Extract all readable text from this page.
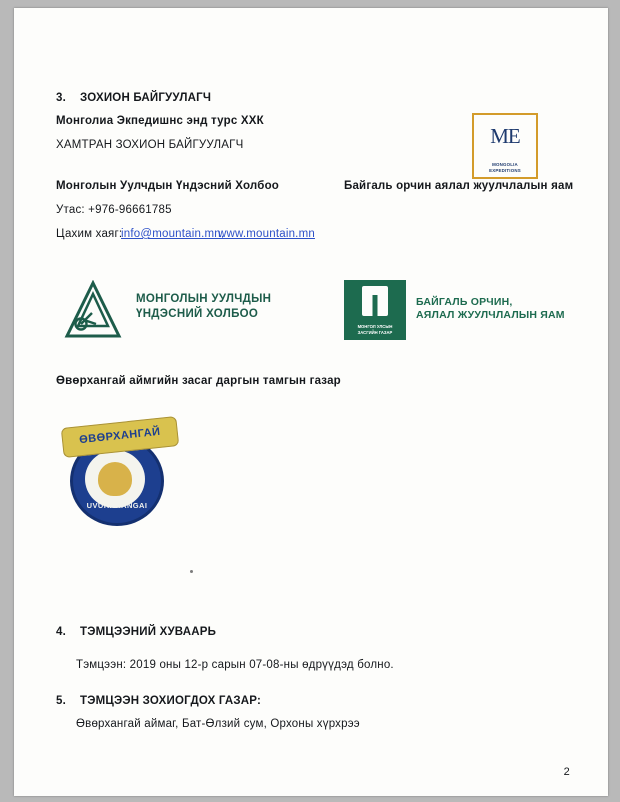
3. ЗОХИОН БАЙГУУЛАГЧ
Монголиа Экпедишнс энд турс ХХК
ХАМТРАН ЗОХИОН БАЙГУУЛАГЧ
Монголын Уулчдын Үндэсний Холбоо
Утас: +976-96661785
Цахим хаяг:
info@mountain.mn,
www.mountain.mn
Байгаль орчин аялал жуулчлалын яам
ME
MONGOLIA
EXPEDITIONS
МОНГОЛЫН УУЛЧДЫН
ҮНДЭСНИЙ ХОЛБОО
МОНГОЛ УЛСЫН
ЗАСГИЙН ГАЗАР
БАЙГАЛЬ ОРЧИН,
АЯЛАЛ ЖУУЛЧЛАЛЫН ЯАМ
Өвөрхангай аймгийн засаг даргын тамгын газар
UVURKHANGAI
ӨВӨРХАНГАЙ
4. ТЭМЦЭЭНИЙ ХУВААРЬ
Тэмцээн: 2019 оны 12-р сарын 07-08-ны өдрүүдэд болно.
5. ТЭМЦЭЭН ЗОХИОГДОХ ГАЗАР:
Өвөрхангай аймаг, Бат-Өлзий сум, Орхоны хүрхрээ
2
